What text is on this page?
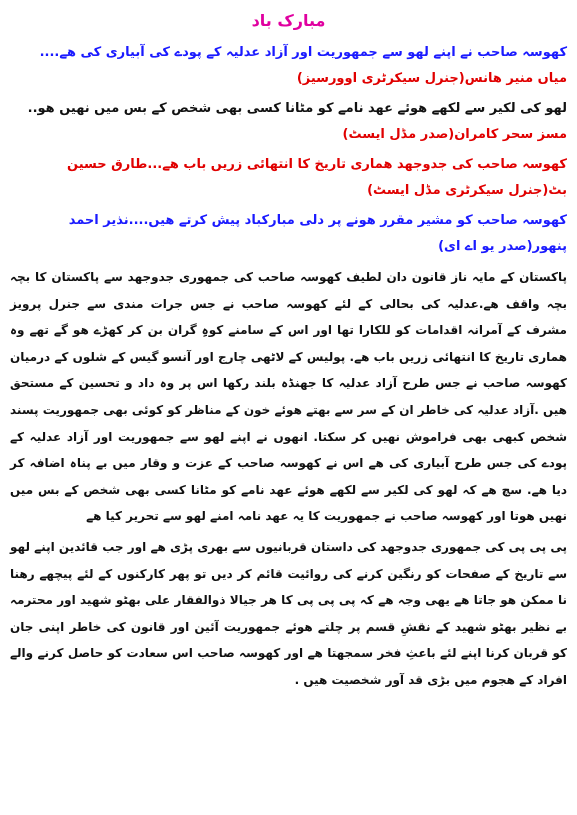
مبارک باد
کھوسہ صاحب نے اپنے لھو سے جمھوریت اور آزاد عدلیہ کے پودے کی آبیاری کی ھے.... میاں منیر ھانس(جنرل سیکرٹری اوورسیز)
لھو کی لکیر سے لکھے ھوئے عھد نامے کو مٹانا کسی بھی شخص کے بس میں نھیں ھو.. مسز سحر کامران(صدر مڈل ایسٹ)
کھوسہ صاحب کی جدوجھد ھماری تاریخ کا انتھائی زریں باب ھے...طارق حسین بٹ(جنرل سیکرٹری مڈل ایسٹ)
کھوسہ صاحب کو مشیر مقرر ھونے پر دلی مبارکباد پیش کرتے ھیں....نذیر احمد پنھور(صدر یو اے ای)

پاکستان کے مایہ ناز قانون دان لطیف کھوسہ صاحب کی جمھوری جدوجھد سے پاکستان کا بچہ بچہ واقف ھے.عدلیہ کی بحالی کے لئے کھوسہ صاحب نے جس جرات مندی سے جنرل پرویز مشرف کے آمرانہ اقدامات کو للکارا تھا اور اس کے سامنے کوہِ گران بن کر کھڑے ھو گے تھے وہ ھماری تاریخ کا انتھائی زریں باب ھے. پولیس کے لاٹھی چارج اور آنسو گیس کے شلوں کے درمیان کھوسہ صاحب نے جس طرح آزاد عدلیہ کا جھنڈہ بلند رکھا اس پر وہ داد و تحسین کے مستحق ھیں .آزاد عدلیہ کی خاطر ان کے سر سے بھتے ھوئے خون کے مناظر کو کوئی بھی جمھوریت پسند شخص کبھی بھی فراموش نھیں کر سکتا. انھوں نے اپنے لھو سے جمھوریت اور آزاد عدلیہ کے پودے کی جس طرح آبیاری کی ھے اس نے کھوسہ صاحب کے عزت و وقار میں بے پناہ اضافہ کر دیا ھے. سچ ھے کہ لھو کی لکیر سے لکھے ھوئے عھد نامے کو مٹانا کسی بھی شخص کے بس میں نھیں ھوتا اور کھوسہ صاحب نے جمھوریت کا یہ عھد نامہ امنے لھو سے تحریر کیا ھے

پی پی پی کی جمھوری جدوجھد کی داستان قربانیوں سے بھری پڑی ھے اور جب قائدین اپنے لھو سے تاریخ کے صفحات کو رنگین کرنے کی روائیت قائم کر دیں تو پھر کارکنوں کے لئے پیچھے رھنا نا ممکن ھو جاتا ھے یھی وجہ ھے کہ پی پی پی کا ھر جیالا ذوالفقار علی بھٹو شھید اور محترمہ بے نظیر بھٹو شھید کے نقشِ قسم پر چلتے ھوئے جمھوریت آئین اور قانون کی خاطر اپنی جان کو قربان کرنا اپنے لئے باعثِ فخر سمجھتا ھے اور کھوسہ صاحب اس سعادت کو حاصل کرنے والے افراد کے ھجوم میں بڑی قد آور شخصیت ھیں .
